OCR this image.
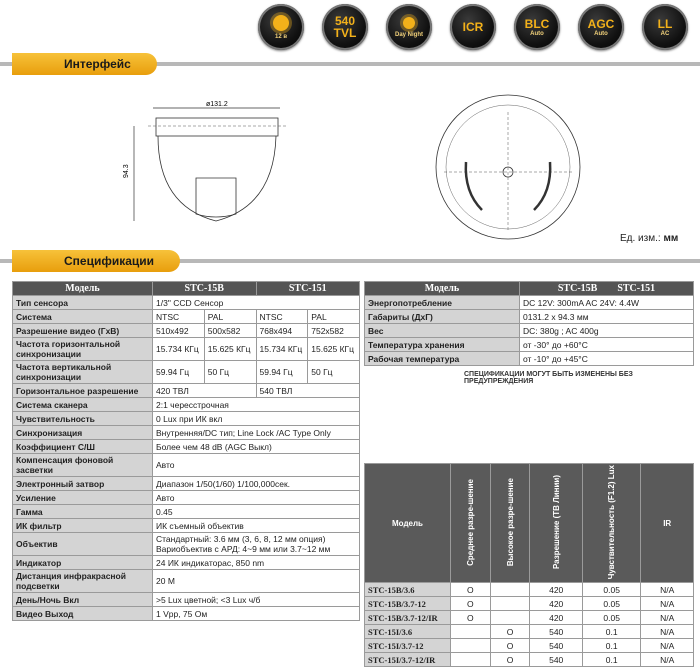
12 в
540
TVL	Day Night
ICR	BLC
Auto
AGC
Auto
LL
AC
Интерфейс
ø131.2
94.3
Ед. изм.: мм
Спецификации
Модель	STC-15B		STC-151	
Тип сенсора	1/3" CCD Сенсор			
Система	NTSC	PAL	NTSC	PAL
Разрешение видео (ГхВ)	510x492	500x582	768x494	752x582
Частота горизонтальной синхронизации	15.734 КГц	15.625 КГц	15.734 КГц	15.625 КГц
Частота вертикальной синхронизации	59.94 Гц	50 Гц	59.94 Гц	50 Гц
Горизонтальное разрешение	420 ТВЛ		540 ТВЛ	
Система сканера	2:1 чересстрочная			
Чувствительность	0 Lux при ИК вкл			
Синхронизация	Внутренняя/DC тип; Line Lock /AC Type Only			
Коэффициент С/Ш	Более чем 48 dB (AGC Выкл)			
Компенсация фоновой засветки	Авто			
Электронный затвор	Диапазон 1/50(1/60) 1/100,000сек.			
Усиление	Авто			
Гамма	0.45			
ИК фильтр	ИК съемный объектив			
Объектив	Стандартный: 3.6 мм (3, 6, 8, 12 мм опция) Вариобъектив с АРД: 4~9 мм или 3.7~12 мм			
Индикатор	24 ИК индикаторас, 850 nm			
Дистанция инфракрасной подсветки	20 М			
День/Ночь Вкл	>5 Lux цветной; <3 Lux ч/б			
Видео Выход	1 Vpp, 75 Ом			
Модель	STC-15B STC-151
Энергопотребление	DC 12V: 300mA AC 24V: 4.4W
Габариты (ДхГ)	0131.2 x 94.3 мм
Вес	DC: 380g ; AC 400g
Температура хранения	от -30° до +60°C
Рабочая температура	от -10° до +45°C
СПЕЦИФИКАЦИИ МОГУТ БЫТЬ ИЗМЕНЕНЫ БЕЗ ПРЕДУПРЕЖДЕНИЯ
Модель	Среднее разре-шение	Высокое разре-шение	Разрешение (ТВ Линии)	Чувствительность (F1.2) Lux	IR
STC-15B/3.6	O		420	0.05	N/A
STC-15B/3.7-12	O		420	0.05	N/A
STC-15B/3.7-12/IR	O		420	0.05	N/A
STC-15I/3.6		O	540	0.1	N/A
STC-15I/3.7-12		O	540	0.1	N/A
STC-15I/3.7-12/IR		O	540	0.1	N/A
